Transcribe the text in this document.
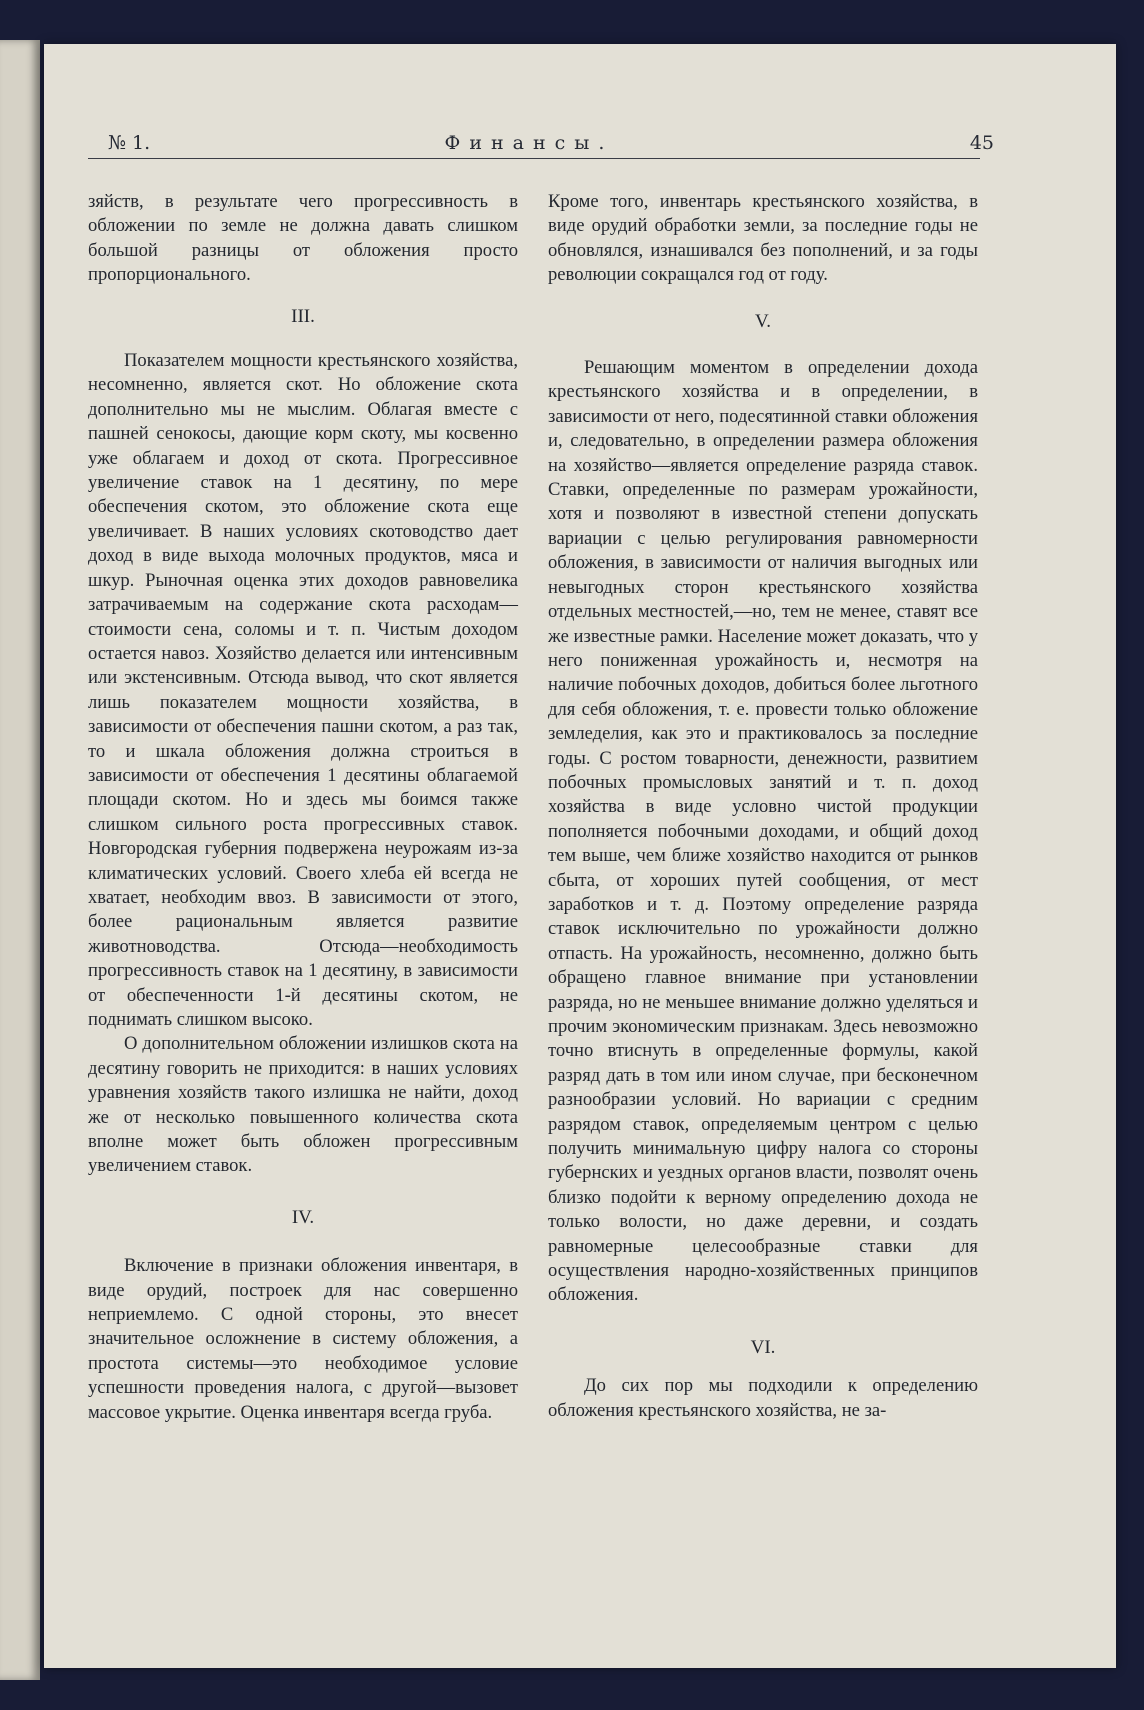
№ 1.	Финансы.	45

зяйств, в результате чего прогрессивность в обложении по земле не должна давать слишком большой разницы от обложения просто пропорционального.

III.

Показателем мощности крестьянского хозяйства, несомненно, является скот. Но обложение скота дополнительно мы не мыслим. Облагая вместе с пашней сенокосы, дающие корм скоту, мы косвенно уже облагаем и доход от скота. Прогрессивное увеличение ставок на 1 десятину, по мере обеспечения скотом, это обложение скота еще увеличивает. В наших условиях скотоводство дает доход в виде выхода молочных продуктов, мяса и шкур. Рыночная оценка этих доходов равновелика затрачиваемым на содержание скота расходам—стоимости сена, соломы и т. п. Чистым доходом остается навоз. Хозяйство делается или интенсивным или экстенсивным. Отсюда вывод, что скот является лишь показателем мощности хозяйства, в зависимости от обеспечения пашни скотом, а раз так, то и шкала обложения должна строиться в зависимости от обеспечения 1 десятины облагаемой площади скотом. Но и здесь мы боимся также слишком сильного роста прогрессивных ставок. Новгородская губерния подвержена неурожаям из-за климатических условий. Своего хлеба ей всегда не хватает, необходим ввоз. В зависимости от этого, более рациональным является развитие животноводства. Отсюда—необходимость прогрессивность ставок на 1 десятину, в зависимости от обеспеченности 1-й десятины скотом, не поднимать слишком высоко.

О дополнительном обложении излишков скота на десятину говорить не приходится: в наших условиях уравнения хозяйств такого излишка не найти, доход же от несколько повышенного количества скота вполне может быть обложен прогрессивным увеличением ставок.

IV.

Включение в признаки обложения инвентаря, в виде орудий, построек для нас совершенно неприемлемо. С одной стороны, это внесет значительное осложнение в систему обложения, а простота системы—это необходимое условие успешности проведения налога, с другой—вызовет массовое укрытие. Оценка инвентаря всегда груба.

Кроме того, инвентарь крестьянского хозяйства, в виде орудий обработки земли, за последние годы не обновлялся, изнашивался без пополнений, и за годы революции сокращался год от году.

V.

Решающим моментом в определении дохода крестьянского хозяйства и в определении, в зависимости от него, подесятинной ставки обложения и, следовательно, в определении размера обложения на хозяйство—является определение разряда ставок. Ставки, определенные по размерам урожайности, хотя и позволяют в известной степени допускать вариации с целью регулирования равномерности обложения, в зависимости от наличия выгодных или невыгодных сторон крестьянского хозяйства отдельных местностей,—но, тем не менее, ставят все же известные рамки. Население может доказать, что у него пониженная урожайность и, несмотря на наличие побочных доходов, добиться более льготного для себя обложения, т. е. провести только обложение земледелия, как это и практиковалось за последние годы. С ростом товарности, денежности, развитием побочных промысловых занятий и т. п. доход хозяйства в виде условно чистой продукции пополняется побочными доходами, и общий доход тем выше, чем ближе хозяйство находится от рынков сбыта, от хороших путей сообщения, от мест заработков и т. д. Поэтому определение разряда ставок исключительно по урожайности должно отпасть. На урожайность, несомненно, должно быть обращено главное внимание при установлении разряда, но не меньшее внимание должно уделяться и прочим экономическим признакам. Здесь невозможно точно втиснуть в определенные формулы, какой разряд дать в том или ином случае, при бесконечном разнообразии условий. Но вариации с средним разрядом ставок, определяемым центром с целью получить минимальную цифру налога со стороны губернских и уездных органов власти, позволят очень близко подойти к верному определению дохода не только волости, но даже деревни, и создать равномерные целесообразные ставки для осуществления народно-хозяйственных принципов обложения.

VI.

До сих пор мы подходили к определению обложения крестьянского хозяйства, не за-
